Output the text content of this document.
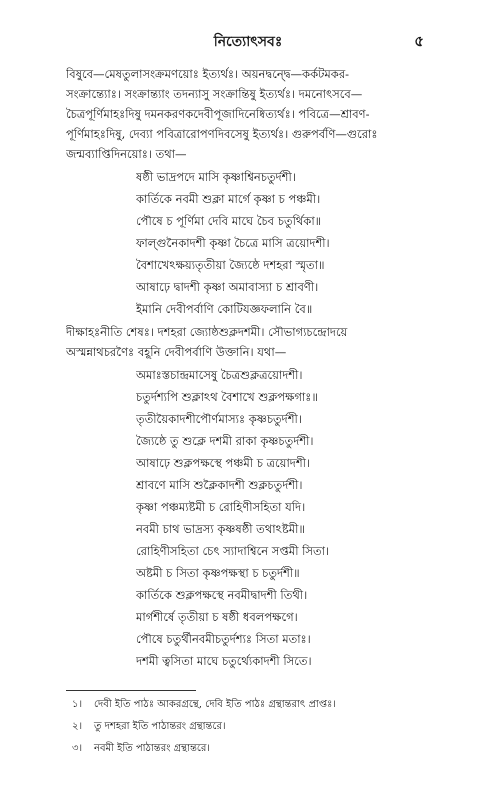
নিত্যোৎসবঃ	৫
বিষুবে—মেষতুলাসংক্রমণয়োঃ ইত্যর্থঃ। অয়নদ্বন্দ্বে—কর্কটমকর-
সংক্রান্ত্যোঃ। সংক্রান্ত্যাং তদন্যাসু সংক্রান্তিষু ইত্যর্থঃ। দমনোৎসবে—
চৈত্রপূর্ণিমাহঃদিষু দমনকরণকদেবীপূজাদিনেষ্বিত্যর্থঃ। পবিত্রে—শ্রাবণ-
পূর্ণিমাহঃদিষু, দেব্যা পবিত্রারোপণদিবসেষু ইত্যর্থঃ। গুরুপর্বণি—গুরোঃ
জন্মব্যাপ্তিদিনয়োঃ। তথা—
ষষ্ঠী ভাদ্রপদে মাসি কৃষ্ণাশ্বিনচতুর্দশী।
কার্তিকে নবমী শুক্লা মার্গে কৃষ্ণা চ পঞ্চমী।
পৌষে চ পূর্ণিমা দেবি মাঘে চৈব চতুর্থিকা॥
ফাল্গুনৈকাদশী কৃষ্ণা চৈত্রে মাসি ত্রয়োদশী।
বৈশাখেঽক্ষয়্যতৃতীয়া জ্যৈষ্ঠে দশহরা স্মৃতা॥
আষাঢ়ে দ্বাদশী কৃষ্ণা অমাবাস্যা চ শ্রাবণী।
ইমানি দেবীপর্বাণি কোটিযজ্ঞফলানি বৈ॥
দীক্ষাহঃনীতি শেষঃ। দশহরা জ্যোষ্ঠশুক্লদশমী। সৌভাগ্যচন্দ্রোদয়ে
অস্মন্নাথচরণৈঃ বহূনি দেবীপর্বাণি উক্তানি। যথা—
অমাঃস্তচান্দ্রমাসেষু চৈত্রশুক্লত্রয়োদশী।
চতুর্দশ্যপি শুক্লাঽথ বৈশাখে শুক্লপক্ষগাঃ॥
তৃতীয়ৈকাদশীপৌর্ণমাস্যঃ কৃষ্ণচতুর্দশী।
জ্যৈষ্ঠে তু শুক্লে দশমী রাকা কৃষ্ণচতুর্দশী।
আষাঢ়ে শুক্লপক্ষস্থে পঞ্চমী চ ত্রয়োদশী।
শ্রাবণে মাসি শুক্লৈকাদশী শুক্লচতুর্দশী।
কৃষ্ণা পঞ্চম্যষ্টমী চ রোহিণীসহিতা যদি।
নবমী চাথ ভাদ্রস্য কৃষ্ণষষ্ঠী তথাঽষ্টমী॥
রোহিণীসহিতা চেৎ স্যাদাশ্বিনে সপ্তমী সিতা।
অষ্টমী চ সিতা কৃষ্ণপক্ষস্থা চ চতুর্দশী॥
কার্তিকে শুক্লপক্ষস্থে নবমীদ্বাদশী তিথী।
মার্গশীর্ষে তৃতীয়া চ ষষ্ঠী ধবলপক্ষগে।
পৌষে চতুর্থীনবমীচতুর্দশ্যঃ সিতা মতাঃ।
দশমী ত্বসিতা মাঘে চতুর্থ্যেকাদশী সিতে।
১। দেবী ইতি পাঠঃ আকরগ্রন্থে, দেবি ইতি পাঠঃ গ্রন্থান্তরাৎ প্রাপ্তঃ।
২। তু দশহরা ইতি পাঠান্তরং গ্রন্থান্তরে।
৩। নবমী ইতি পাঠান্তরং গ্রন্থান্তরে।
